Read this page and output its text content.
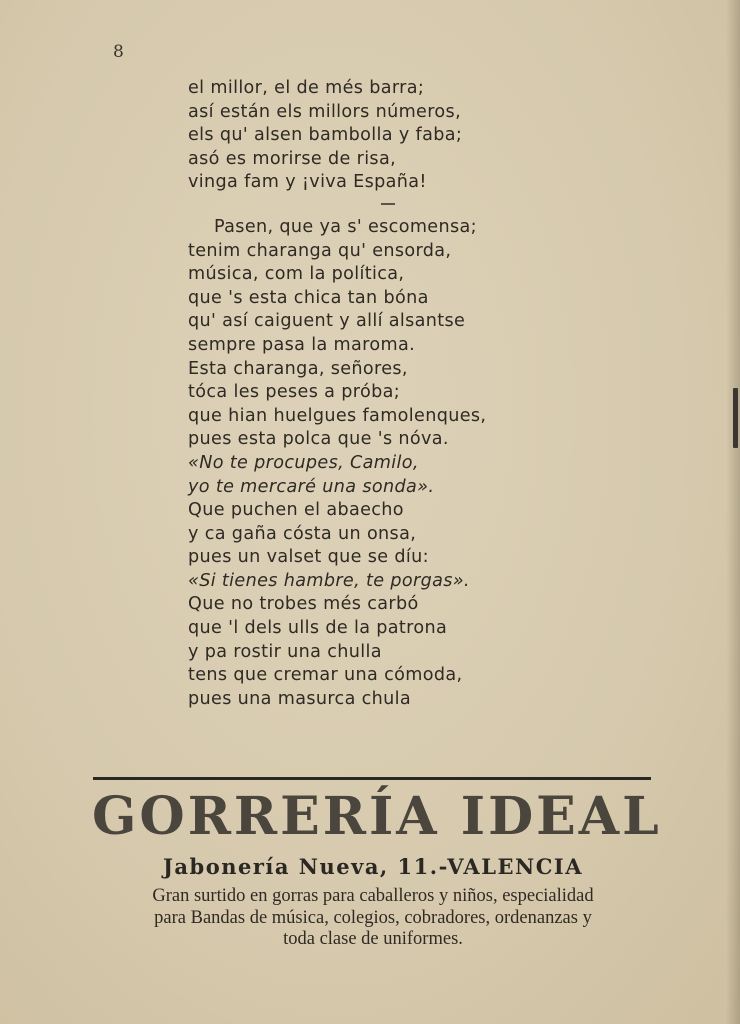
8
el millor, el de més barra;
así están els millors números,
els qu' alsen bambolla y faba;
asó es morirse de risa,
vinga fam y ¡viva España!
Pasen, que ya s' escomensa;
tenim charanga qu' ensorda,
música, com la política,
que 's esta chica tan bóna
qu' así caiguent y allí alsantse
sempre pasa la maroma.
Esta charanga, señores,
tóca les peses a próba;
que hian huelgues famolenques,
pues esta polca que 's nóva.
«No te procupes, Camilo,
yo te mercaré una sonda».
Que puchen el abaecho
y ca gaña cósta un onsa,
pues un valset que se díu:
«Si tienes hambre, te porgas».
Que no trobes més carbó
que 'l dels ulls de la patrona
y pa rostir una chulla
tens que cremar una cómoda,
pues una masurca chula
GORRERÍA IDEAL
Jabonería Nueva, 11.-VALENCIA
Gran surtido en gorras para caballeros y niños, especialidad
para Bandas de música, colegios, cobradores, ordenanzas y
toda clase de uniformes.
